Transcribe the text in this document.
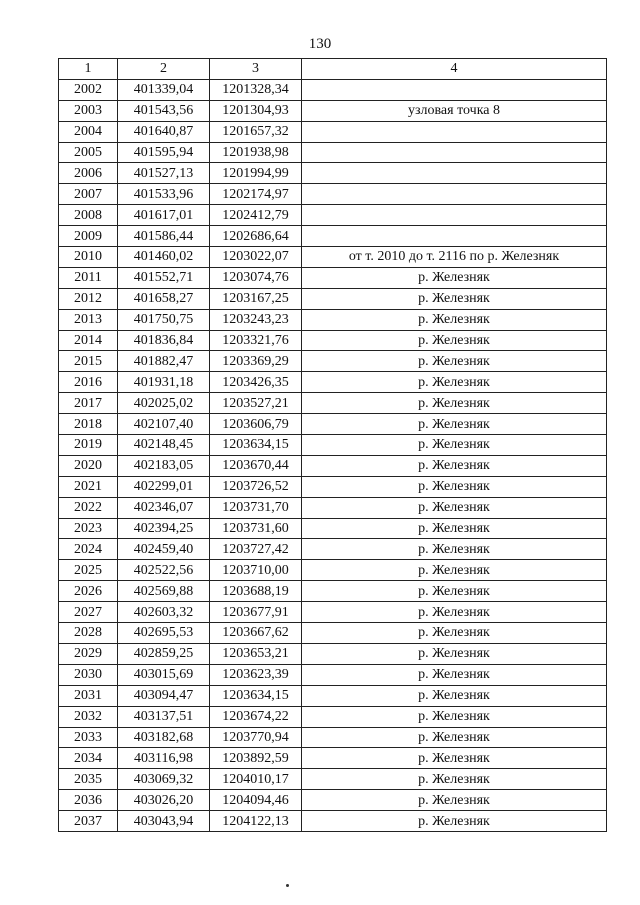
130
1	2	3	4
2002	401339,04	1201328,34	
2003	401543,56	1201304,93	узловая точка 8
2004	401640,87	1201657,32	
2005	401595,94	1201938,98	
2006	401527,13	1201994,99	
2007	401533,96	1202174,97	
2008	401617,01	1202412,79	
2009	401586,44	1202686,64	
2010	401460,02	1203022,07	от т. 2010 до т. 2116 по р. Железняк
2011	401552,71	1203074,76	р. Железняк
2012	401658,27	1203167,25	р. Железняк
2013	401750,75	1203243,23	р. Железняк
2014	401836,84	1203321,76	р. Железняк
2015	401882,47	1203369,29	р. Железняк
2016	401931,18	1203426,35	р. Железняк
2017	402025,02	1203527,21	р. Железняк
2018	402107,40	1203606,79	р. Железняк
2019	402148,45	1203634,15	р. Железняк
2020	402183,05	1203670,44	р. Железняк
2021	402299,01	1203726,52	р. Железняк
2022	402346,07	1203731,70	р. Железняк
2023	402394,25	1203731,60	р. Железняк
2024	402459,40	1203727,42	р. Железняк
2025	402522,56	1203710,00	р. Железняк
2026	402569,88	1203688,19	р. Железняк
2027	402603,32	1203677,91	р. Железняк
2028	402695,53	1203667,62	р. Железняк
2029	402859,25	1203653,21	р. Железняк
2030	403015,69	1203623,39	р. Железняк
2031	403094,47	1203634,15	р. Железняк
2032	403137,51	1203674,22	р. Железняк
2033	403182,68	1203770,94	р. Железняк
2034	403116,98	1203892,59	р. Железняк
2035	403069,32	1204010,17	р. Железняк
2036	403026,20	1204094,46	р. Железняк
2037	403043,94	1204122,13	р. Железняк
